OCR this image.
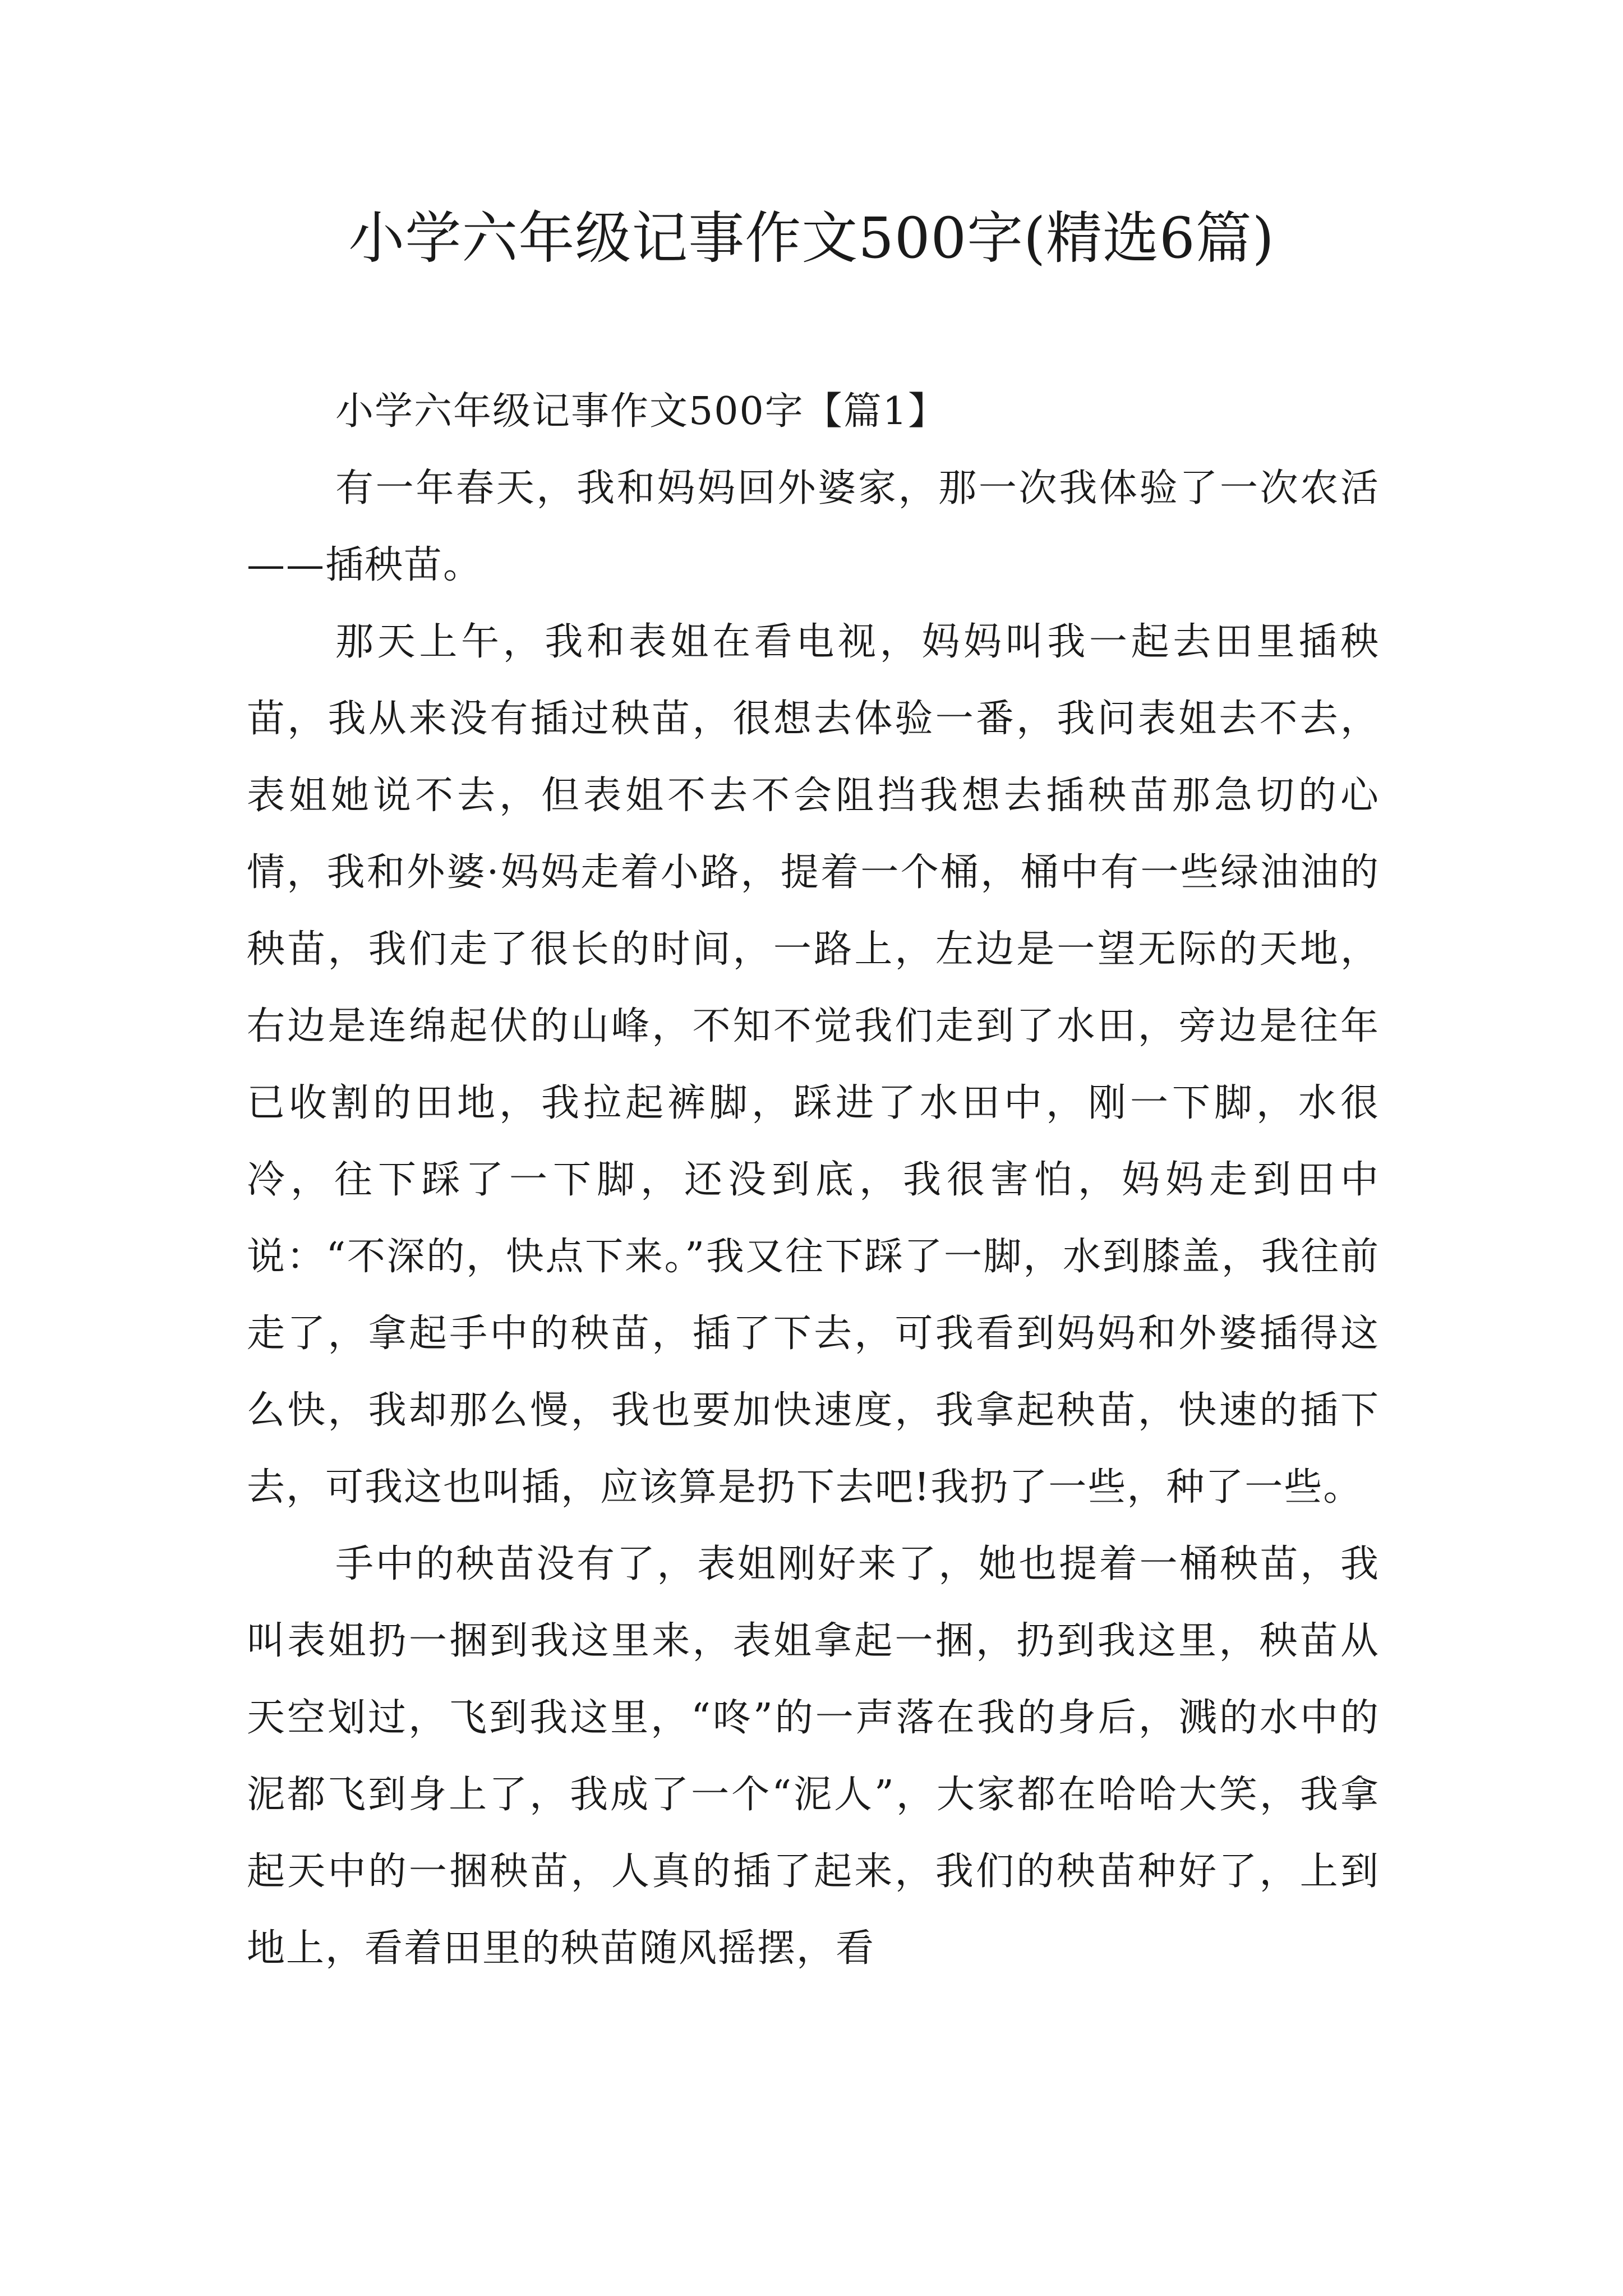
小学六年级记事作文500字(精选6篇)

小学六年级记事作文500字【篇1】

有一年春天，我和妈妈回外婆家，那一次我体验了一次农活——插秧苗。

那天上午，我和表姐在看电视，妈妈叫我一起去田里插秧苗，我从来没有插过秧苗，很想去体验一番，我问表姐去不去，表姐她说不去，但表姐不去不会阻挡我想去插秧苗那急切的心情，我和外婆·妈妈走着小路，提着一个桶，桶中有一些绿油油的秧苗，我们走了很长的时间，一路上，左边是一望无际的天地，右边是连绵起伏的山峰，不知不觉我们走到了水田，旁边是往年已收割的田地，我拉起裤脚，踩进了水田中，刚一下脚，水很冷，往下踩了一下脚，还没到底，我很害怕，妈妈走到田中说：“不深的，快点下来。”我又往下踩了一脚，水到膝盖，我往前走了，拿起手中的秧苗，插了下去，可我看到妈妈和外婆插得这么快，我却那么慢，我也要加快速度，我拿起秧苗，快速的插下去，可我这也叫插，应该算是扔下去吧!我扔了一些，种了一些。

手中的秧苗没有了，表姐刚好来了，她也提着一桶秧苗，我叫表姐扔一捆到我这里来，表姐拿起一捆，扔到我这里，秧苗从天空划过，飞到我这里，“咚”的一声落在我的身后，溅的水中的泥都飞到身上了，我成了一个“泥人”，大家都在哈哈大笑，我拿起天中的一捆秧苗，人真的插了起来，我们的秧苗种好了，上到地上，看着田里的秧苗随风摇摆，看
